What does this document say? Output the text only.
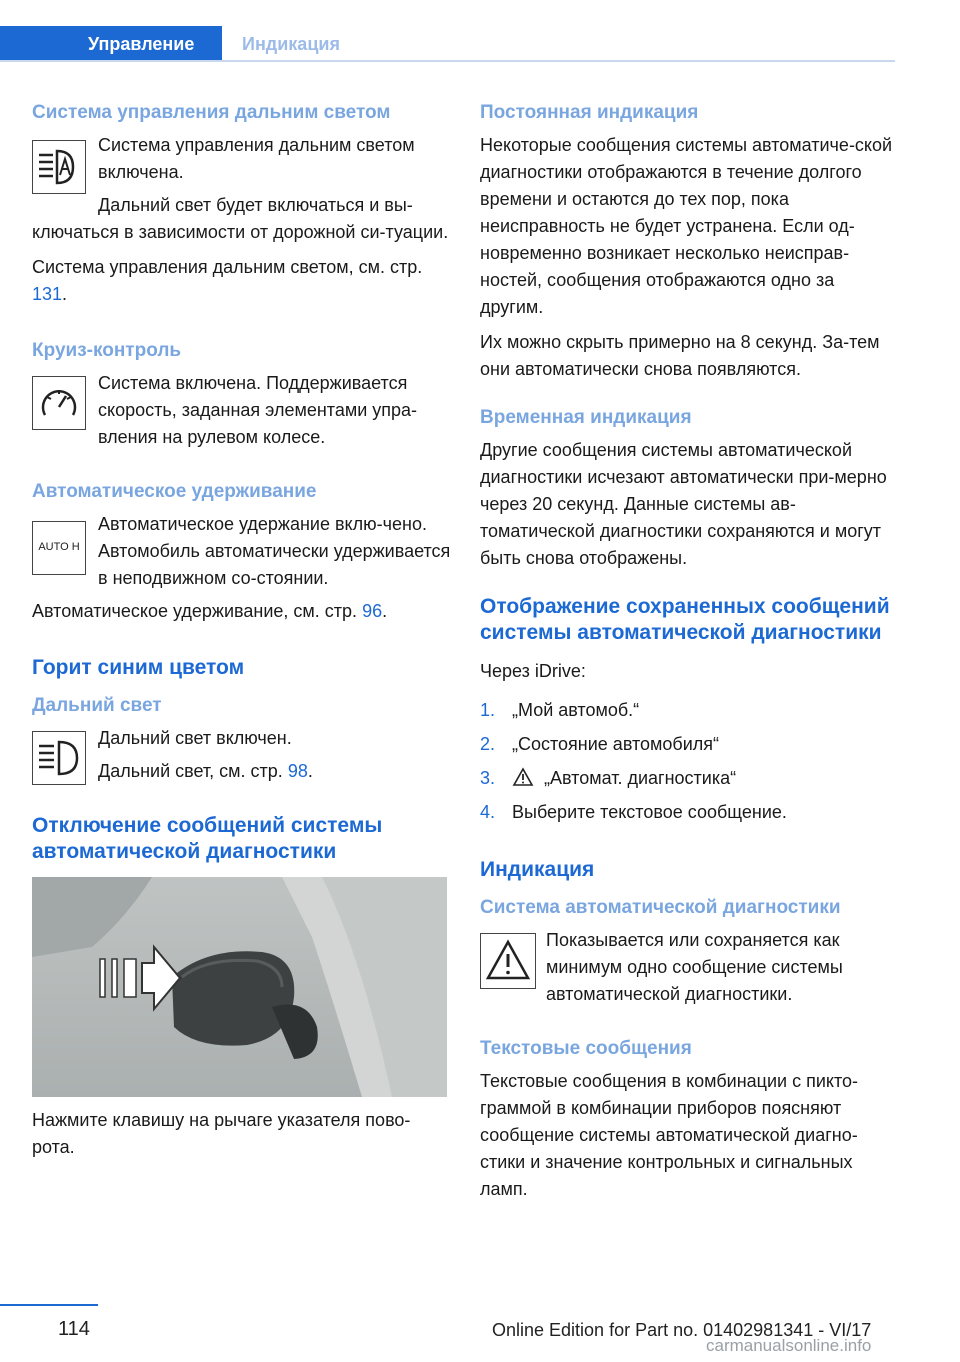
Управление	Индикация
Система управления дальним светом

Система управления дальним светом включена.

Дальний свет будет включаться и вы-ключаться в зависимости от дорожной си-туации.

Система управления дальним светом, см. стр. 131.

Круиз-контроль

Система включена. Поддерживается скорость, заданная элементами упра-вления на рулевом колесе.

Автоматическое удерживание
AUTO H

Автоматическое удержание вклю-чено. Автомобиль автоматически удерживается в неподвижном со-стоянии.

Автоматическое удерживание, см. стр. 96.

Горит синим цветом
Дальний свет

Дальний свет включен.

Дальний свет, см. стр. 98.

Отключение сообщений системы автоматической диагностики

Нажмите клавишу на рычаге указателя пово-рота.

Постоянная индикация

Некоторые сообщения системы автоматиче-ской диагностики отображаются в течение долгого времени и остаются до тех пор, пока неисправность не будет устранена. Если од-новременно возникает несколько неисправ-ностей, сообщения отображаются одно за другим.

Их можно скрыть примерно на 8 секунд. За-тем они автоматически снова появляются.

Временная индикация

Другие сообщения системы автоматической диагностики исчезают автоматически при-мерно через 20 секунд. Данные системы ав-томатической диагностики сохраняются и могут быть снова отображены.

Отображение сохраненных сообщений системы автоматической диагностики

Через iDrive:

1. „Мой автомоб.“
2. „Состояние автомобиля“
3.	„Автомат. диагностика“
4. Выберите текстовое сообщение.
Индикация
Система автоматической диагностики

Показывается или сохраняется как минимум одно сообщение системы автоматической диагностики.

Текстовые сообщения

Текстовые сообщения в комбинации с пикто-граммой в комбинации приборов поясняют сообщение системы автоматической диагно-стики и значение контрольных и сигнальных ламп.

114	Online Edition for Part no. 01402981341 - VI/17
carmanualsonline.info
